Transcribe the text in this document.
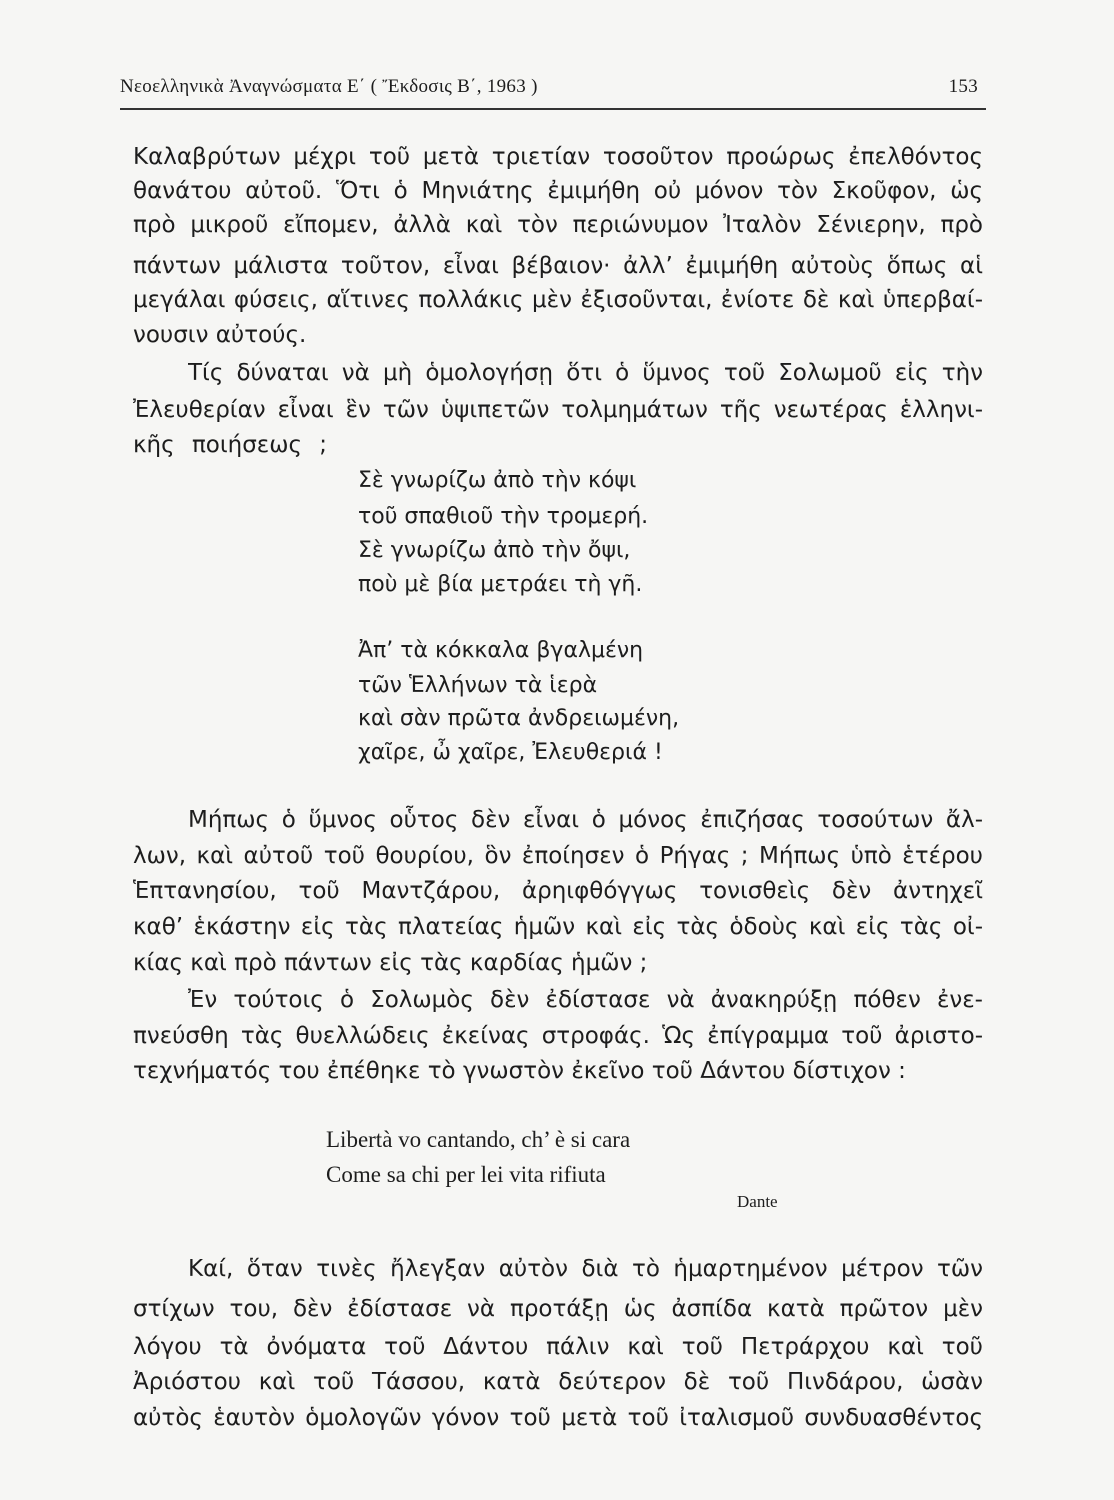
Νεοελληνικὰ Ἀναγνώσματα Ε΄ ( Ἔκδοσις Β΄, 1963 )	153
Καλαβρύτων μέχρι τοῦ μετὰ τριετίαν τοσοῦτον προώρως ἐπελθόντος
θανάτου αὐτοῦ. Ὅτι ὁ Μηνιάτης ἐμιμήθη οὐ μόνον τὸν Σκοῦφον, ὡς
πρὸ μικροῦ εἴπομεν, ἀλλὰ καὶ τὸν περιώνυμον Ἰταλὸν Σένιερην, πρὸ
πάντων μάλιστα τοῦτον, εἶναι βέβαιον· ἀλλ’ ἐμιμήθη αὐτοὺς ὅπως αἱ
μεγάλαι φύσεις, αἵτινες πολλάκις μὲν ἐξισοῦνται, ἐνίοτε δὲ καὶ ὑπερβαί-
νουσιν αὐτούς.
Τίς δύναται νὰ μὴ ὁμολογήσῃ ὅτι ὁ ὕμνος τοῦ Σολωμοῦ εἰς τὴν
Ἐλευθερίαν εἶναι ἓν τῶν ὑψιπετῶν τολμημάτων τῆς νεωτέρας ἑλληνι-
κῆς ποιήσεως ;
Σὲ γνωρίζω ἀπὸ τὴν κόψι
τοῦ σπαθιοῦ τὴν τρομερή.
Σὲ γνωρίζω ἀπὸ τὴν ὄψι,
ποὺ μὲ βία μετράει τὴ γῆ.
Ἀπ’ τὰ κόκκαλα βγαλμένη
τῶν Ἑλλήνων τὰ ἱερὰ
καὶ σὰν πρῶτα ἀνδρειωμένη,
χαῖρε, ὦ χαῖρε, Ἐλευθεριά !
Μήπως ὁ ὕμνος οὗτος δὲν εἶναι ὁ μόνος ἐπιζήσας τοσούτων ἄλ-
λων, καὶ αὐτοῦ τοῦ θουρίου, ὃν ἐποίησεν ὁ Ρήγας ; Μήπως ὑπὸ ἑτέρου
Ἑπτανησίου, τοῦ Μαντζάρου, ἀρηιφθόγγως τονισθεὶς δὲν ἀντηχεῖ
καθ’ ἑκάστην εἰς τὰς πλατείας ἡμῶν καὶ εἰς τὰς ὁδοὺς καὶ εἰς τὰς οἰ-
κίας καὶ πρὸ πάντων εἰς τὰς καρδίας ἡμῶν ;
Ἐν τούτοις ὁ Σολωμὸς δὲν ἐδίστασε νὰ ἀνακηρύξῃ πόθεν ἐνε-
πνεύσθη τὰς θυελλώδεις ἐκείνας στροφάς. Ὡς ἐπίγραμμα τοῦ ἀριστο-
τεχνήματός του ἐπέθηκε τὸ γνωστὸν ἐκεῖνο τοῦ Δάντου δίστιχον :
Libertà vo cantando, ch’ è si cara
Come sa chi per lei vita rifiuta
Dante
Καί, ὅταν τινὲς ἤλεγξαν αὐτὸν διὰ τὸ ἡμαρτημένον μέτρον τῶν
στίχων του, δὲν ἐδίστασε νὰ προτάξῃ ὡς ἀσπίδα κατὰ πρῶτον μὲν
λόγου τὰ ὀνόματα τοῦ Δάντου πάλιν καὶ τοῦ Πετράρχου καὶ τοῦ
Ἀριόστου καὶ τοῦ Τάσσου, κατὰ δεύτερον δὲ τοῦ Πινδάρου, ὡσὰν
αὐτὸς ἑαυτὸν ὁμολογῶν γόνον τοῦ μετὰ τοῦ ἰταλισμοῦ συνδυασθέντος
